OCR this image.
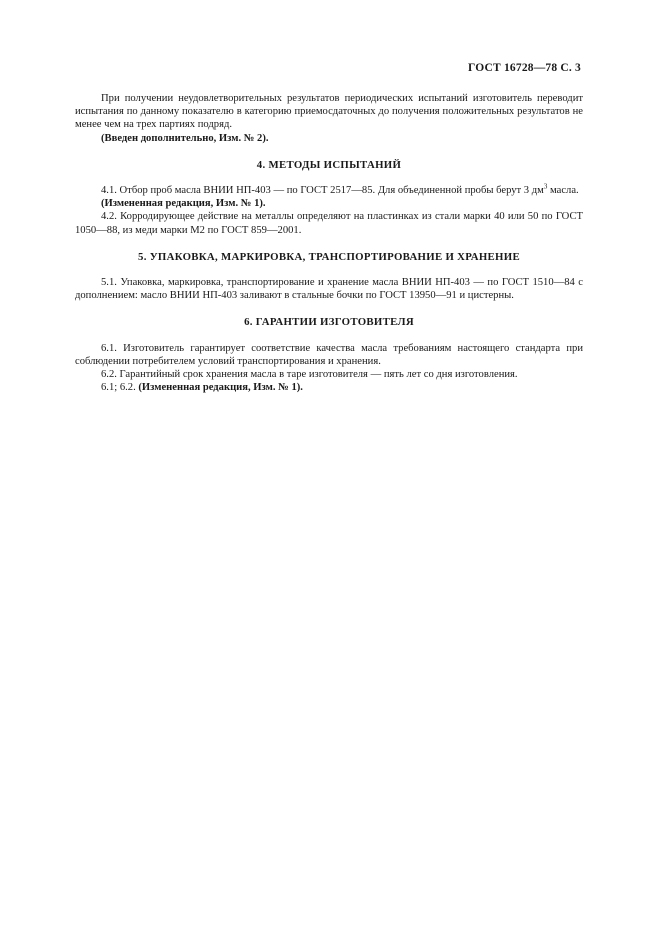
ГОСТ 16728—78 С. 3

При получении неудовлетворительных результатов периодических испытаний изготовитель переводит испытания по данному показателю в категорию приемосдаточных до получения положительных результатов не менее чем на трех партиях подряд.

(Введен дополнительно, Изм. № 2).

4. МЕТОДЫ ИСПЫТАНИЙ

4.1. Отбор проб масла ВНИИ НП-403 — по ГОСТ 2517—85. Для объединенной пробы берут 3 $дм^3$ масла.

(Измененная редакция, Изм. № 1).

4.2. Корродирующее действие на металлы определяют на пластинках из стали марки 40 или 50 по ГОСТ 1050—88, из меди марки М2 по ГОСТ 859—2001.

5. УПАКОВКА, МАРКИРОВКА, ТРАНСПОРТИРОВАНИЕ И ХРАНЕНИЕ

5.1. Упаковка, маркировка, транспортирование и хранение масла ВНИИ НП-403 — по ГОСТ 1510—84 с дополнением: масло ВНИИ НП-403 заливают в стальные бочки по ГОСТ 13950—91 и цистерны.

6. ГАРАНТИИ ИЗГОТОВИТЕЛЯ

6.1. Изготовитель гарантирует соответствие качества масла требованиям настоящего стандарта при соблюдении потребителем условий транспортирования и хранения.

6.2. Гарантийный срок хранения масла в таре изготовителя — пять лет со дня изготовления.

6.1; 6.2. (Измененная редакция, Изм. № 1).
